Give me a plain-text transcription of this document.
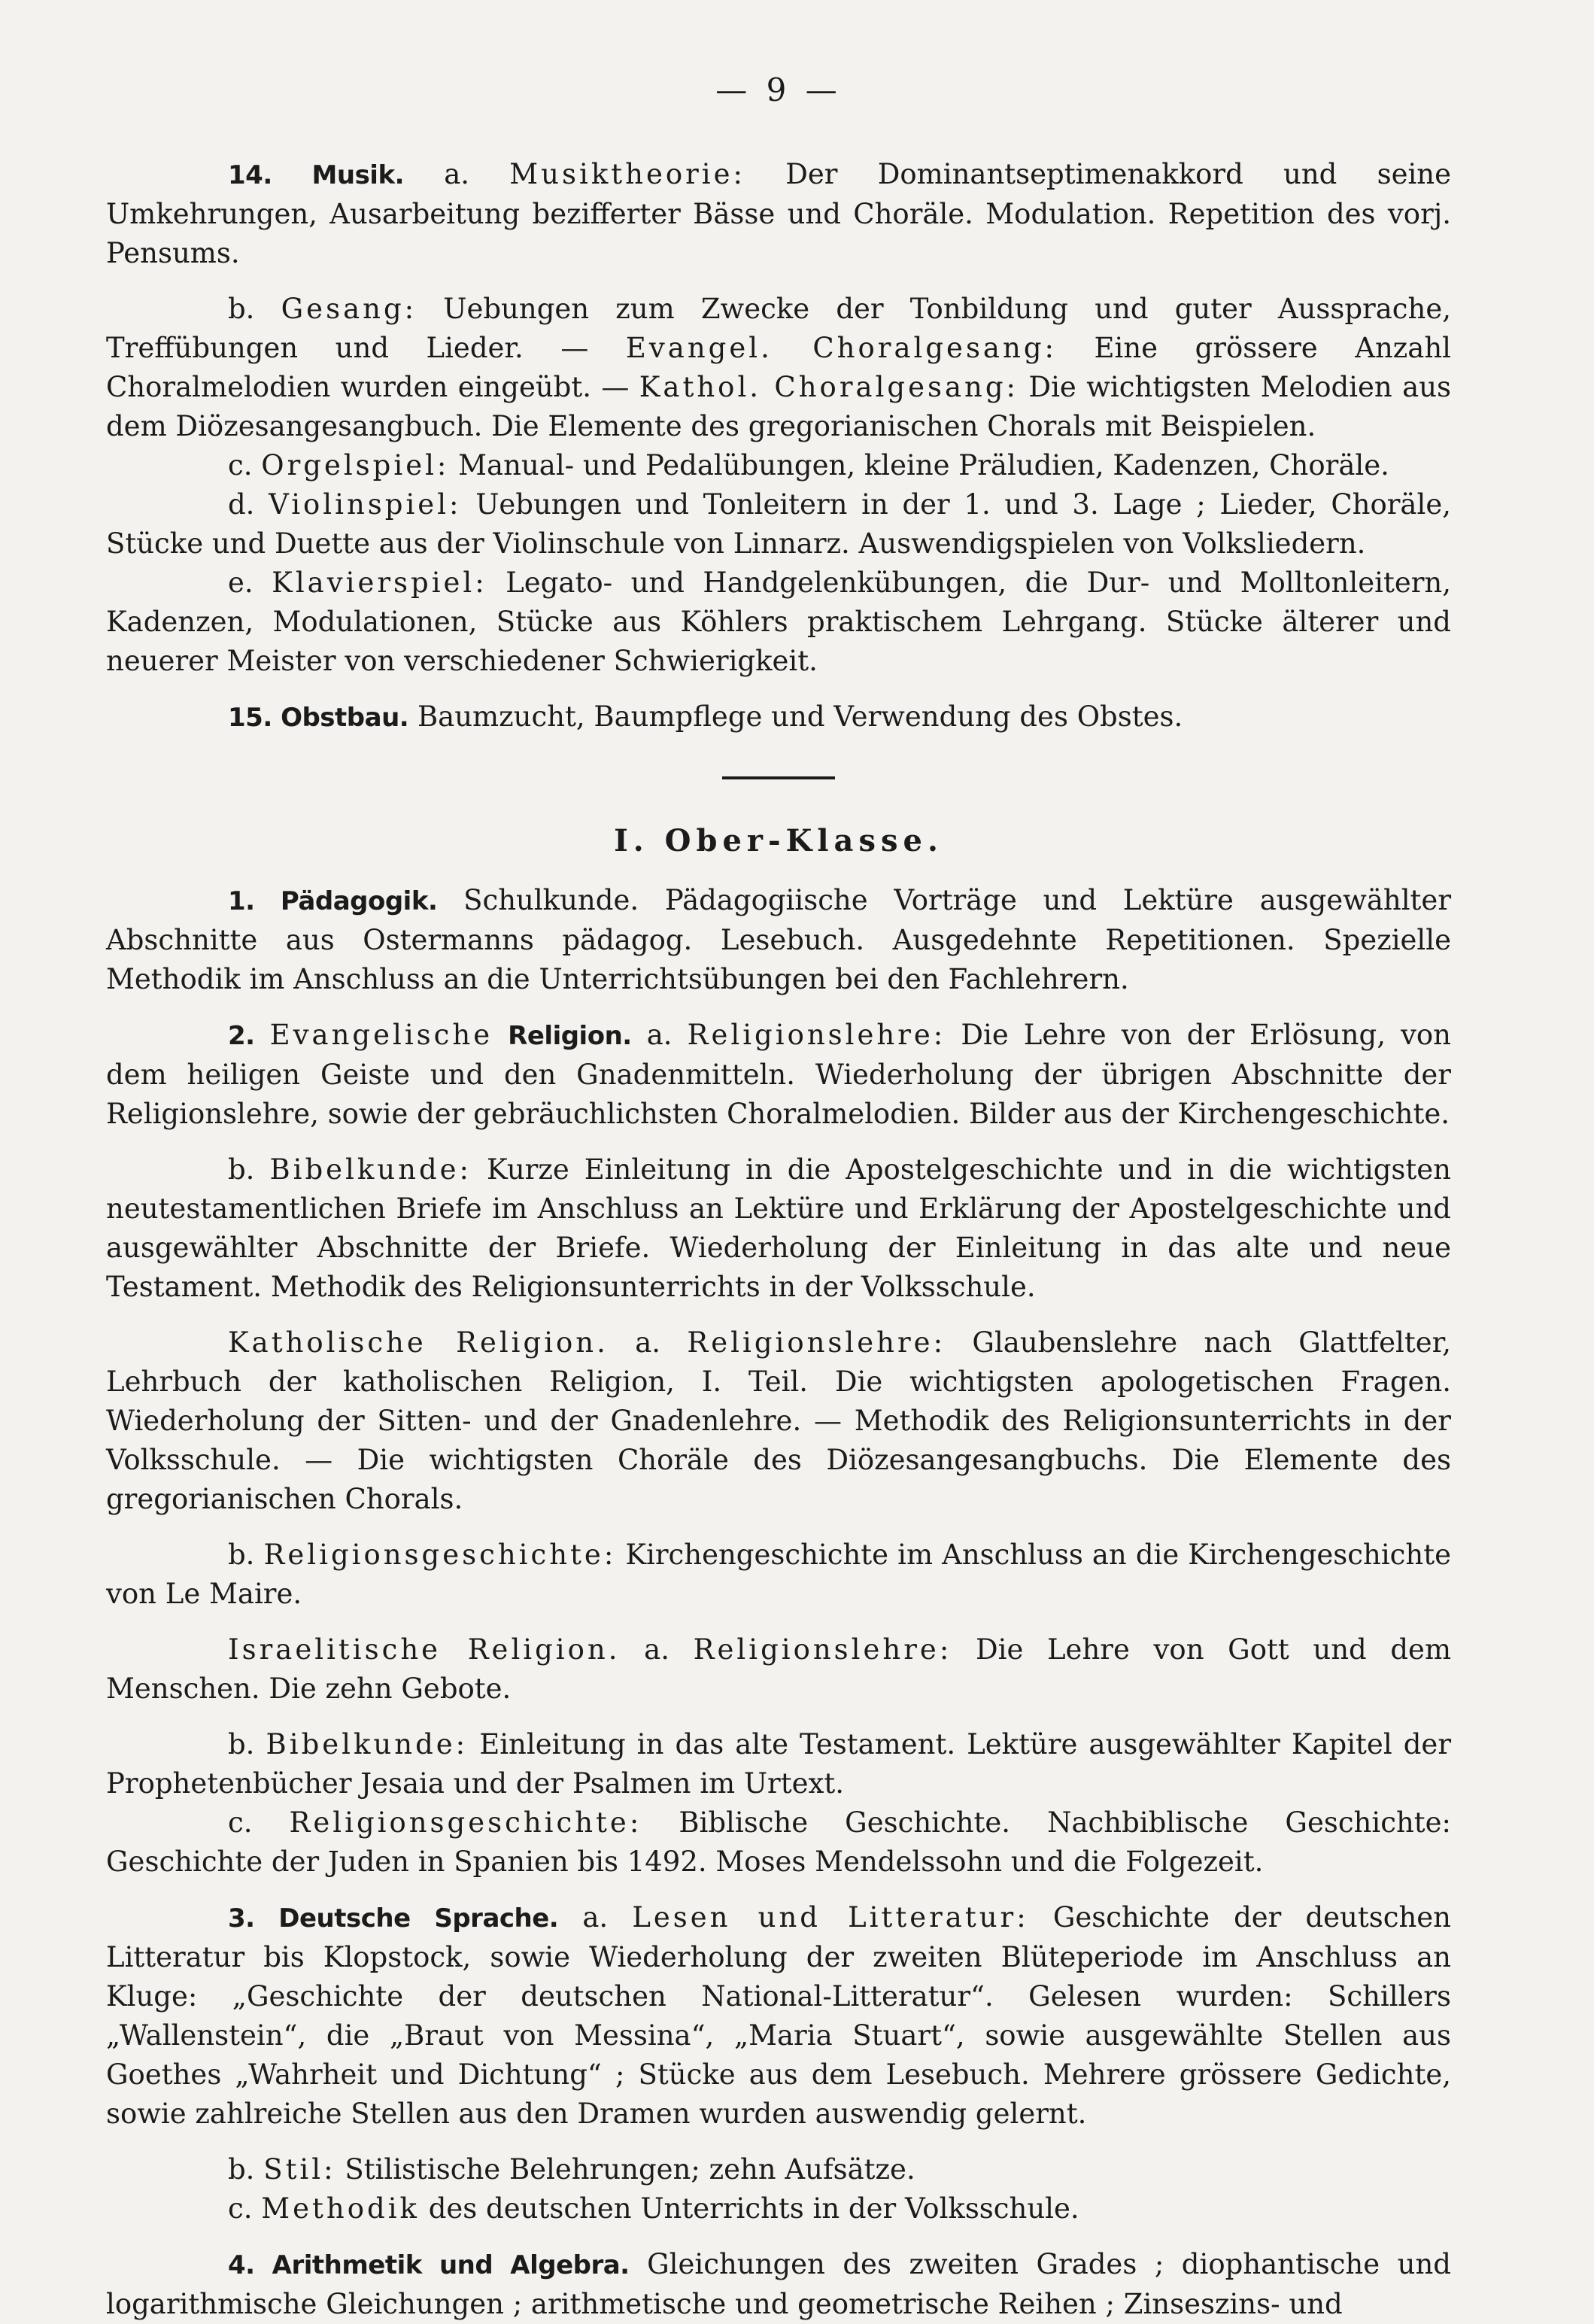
— 9 —

14. Musik. a. Musiktheorie: Der Dominantseptimenakkord und seine Umkehrungen, Ausarbeitung bezifferter Bässe und Choräle. Modulation. Repetition des vorj. Pensums.

b. Gesang: Uebungen zum Zwecke der Tonbildung und guter Aussprache, Treffübungen und Lieder. — Evangel. Choralgesang: Eine grössere Anzahl Choralmelodien wurden eingeübt. — Kathol. Choralgesang: Die wichtigsten Melodien aus dem Diözesangesangbuch. Die Elemente des gregorianischen Chorals mit Beispielen.

c. Orgelspiel: Manual- und Pedalübungen, kleine Präludien, Kadenzen, Choräle.

d. Violinspiel: Uebungen und Tonleitern in der 1. und 3. Lage ; Lieder, Choräle, Stücke und Duette aus der Violinschule von Linnarz. Auswendigspielen von Volksliedern.

e. Klavierspiel: Legato- und Handgelenkübungen, die Dur- und Molltonleitern, Kadenzen, Modulationen, Stücke aus Köhlers praktischem Lehrgang. Stücke älterer und neuerer Meister von verschiedener Schwierigkeit.

15. Obstbau. Baumzucht, Baumpflege und Verwendung des Obstes.

I. Ober-Klasse.

1. Pädagogik. Schulkunde. Pädagogiische Vorträge und Lektüre ausgewählter Abschnitte aus Ostermanns pädagog. Lesebuch. Ausgedehnte Repetitionen. Spezielle Methodik im Anschluss an die Unterrichtsübungen bei den Fachlehrern.

2. Evangelische Religion. a. Religionslehre: Die Lehre von der Erlösung, von dem heiligen Geiste und den Gnadenmitteln. Wiederholung der übrigen Abschnitte der Religionslehre, sowie der gebräuchlichsten Choralmelodien. Bilder aus der Kirchengeschichte.

b. Bibelkunde: Kurze Einleitung in die Apostelgeschichte und in die wichtigsten neutestamentlichen Briefe im Anschluss an Lektüre und Erklärung der Apostelgeschichte und ausgewählter Abschnitte der Briefe. Wiederholung der Einleitung in das alte und neue Testament. Methodik des Religionsunterrichts in der Volksschule.

Katholische Religion. a. Religionslehre: Glaubenslehre nach Glattfelter, Lehrbuch der katholischen Religion, I. Teil. Die wichtigsten apologetischen Fragen. Wiederholung der Sitten- und der Gnadenlehre. — Methodik des Religionsunterrichts in der Volksschule. — Die wichtigsten Choräle des Diözesangesangbuchs. Die Elemente des gregorianischen Chorals.

b. Religionsgeschichte: Kirchengeschichte im Anschluss an die Kirchengeschichte von Le Maire.

Israelitische Religion. a. Religionslehre: Die Lehre von Gott und dem Menschen. Die zehn Gebote.

b. Bibelkunde: Einleitung in das alte Testament. Lektüre ausgewählter Kapitel der Prophetenbücher Jesaia und der Psalmen im Urtext.

c. Religionsgeschichte: Biblische Geschichte. Nachbiblische Geschichte: Geschichte der Juden in Spanien bis 1492. Moses Mendelssohn und die Folgezeit.

3. Deutsche Sprache. a. Lesen und Litteratur: Geschichte der deutschen Litteratur bis Klopstock, sowie Wiederholung der zweiten Blüteperiode im Anschluss an Kluge: „Geschichte der deutschen National-Litteratur“. Gelesen wurden: Schillers „Wallenstein“, die „Braut von Messina“, „Maria Stuart“, sowie ausgewählte Stellen aus Goethes „Wahrheit und Dichtung“ ; Stücke aus dem Lesebuch. Mehrere grössere Gedichte, sowie zahlreiche Stellen aus den Dramen wurden auswendig gelernt.

b. Stil: Stilistische Belehrungen; zehn Aufsätze.

c. Methodik des deutschen Unterrichts in der Volksschule.

4. Arithmetik und Algebra. Gleichungen des zweiten Grades ; diophantische und logarithmische Gleichungen ; arithmetische und geometrische Reihen ; Zinseszins- und
